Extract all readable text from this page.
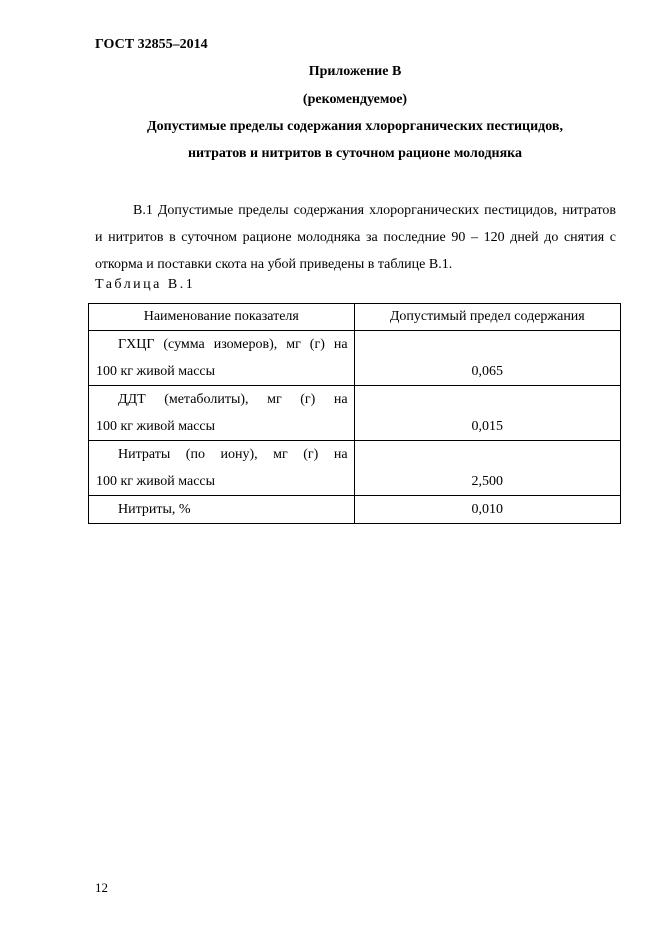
ГОСТ 32855–2014
Приложение В
(рекомендуемое)
Допустимые пределы содержания хлорорганических пестицидов,
нитратов и нитритов в суточном рационе молодняка

В.1 Допустимые пределы содержания хлорорганических пестицидов, нитратов и нитритов в суточном рационе молодняка за последние 90 – 120 дней до снятия с откорма и поставки скота на убой приведены в таблице В.1.

Таблица В.1
Наименование показателя	Допустимый предел содержания

ГХЦГ (сумма изомеров), мг (г) на
100 кг живой массы	0,065

ДДТ (метаболиты), мг (г) на
100 кг живой массы	0,015

Нитраты (по иону), мг (г) на
100 кг живой массы	2,500

Нитриты, %	0,010
12
